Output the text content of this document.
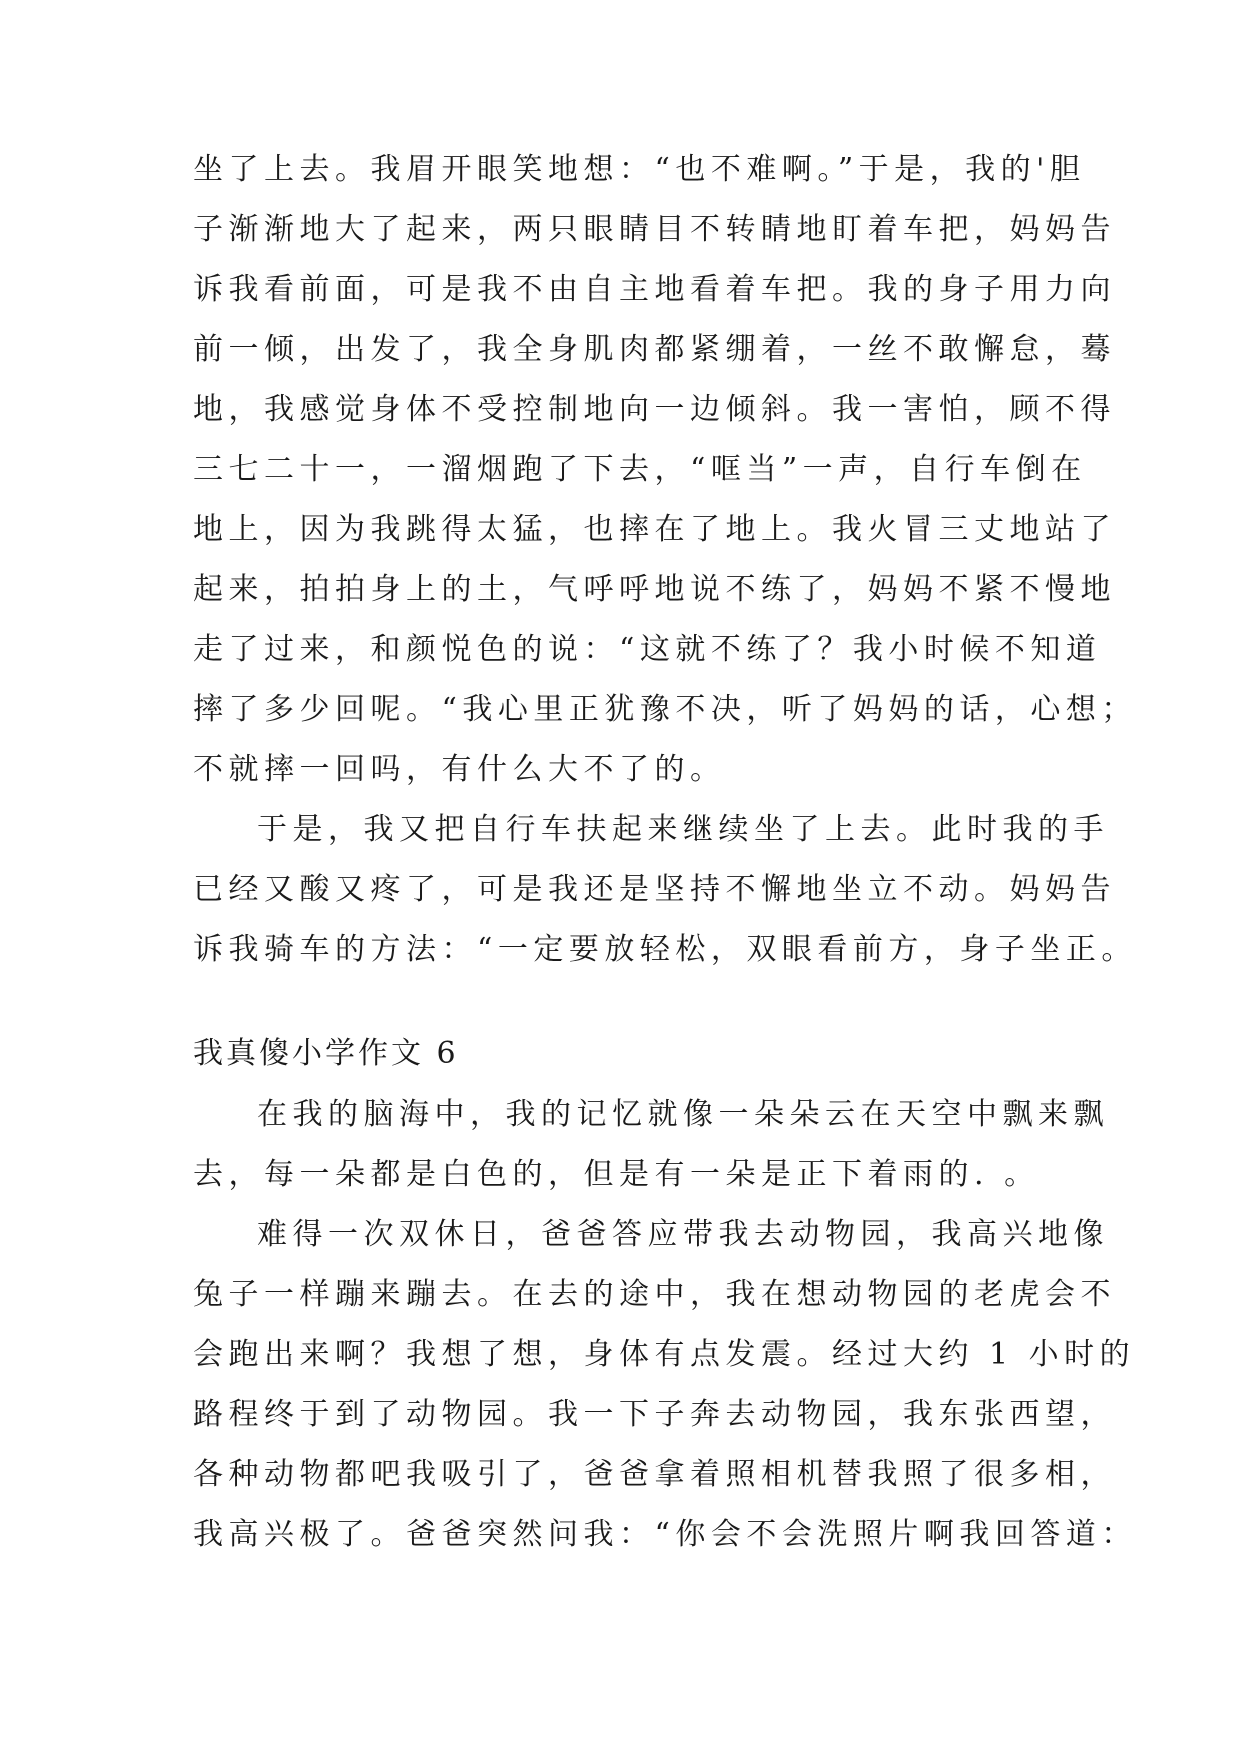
坐了上去。我眉开眼笑地想：“也不难啊。”于是，我的'胆
子渐渐地大了起来，两只眼睛目不转睛地盯着车把，妈妈告
诉我看前面，可是我不由自主地看着车把。我的身子用力向
前一倾，出发了，我全身肌肉都紧绷着，一丝不敢懈怠，蓦
地，我感觉身体不受控制地向一边倾斜。我一害怕，顾不得
三七二十一，一溜烟跑了下去，“哐当”一声，自行车倒在
地上，因为我跳得太猛，也摔在了地上。我火冒三丈地站了
起来，拍拍身上的土，气呼呼地说不练了，妈妈不紧不慢地
走了过来，和颜悦色的说：“这就不练了？我小时候不知道
摔了多少回呢。“我心里正犹豫不决，听了妈妈的话，心想；
不就摔一回吗，有什么大不了的。
于是，我又把自行车扶起来继续坐了上去。此时我的手
已经又酸又疼了，可是我还是坚持不懈地坐立不动。妈妈告
诉我骑车的方法：“一定要放轻松，双眼看前方，身子坐正。
我真傻小学作文 6
在我的脑海中，我的记忆就像一朵朵云在天空中飘来飘
去，每一朵都是白色的，但是有一朵是正下着雨的. 。
难得一次双休日，爸爸答应带我去动物园，我高兴地像
兔子一样蹦来蹦去。在去的途中，我在想动物园的老虎会不
会跑出来啊？我想了想，身体有点发震。经过大约 1 小时的
路程终于到了动物园。我一下子奔去动物园，我东张西望，
各种动物都吧我吸引了，爸爸拿着照相机替我照了很多相，
我高兴极了。爸爸突然问我：“你会不会洗照片啊我回答道：
